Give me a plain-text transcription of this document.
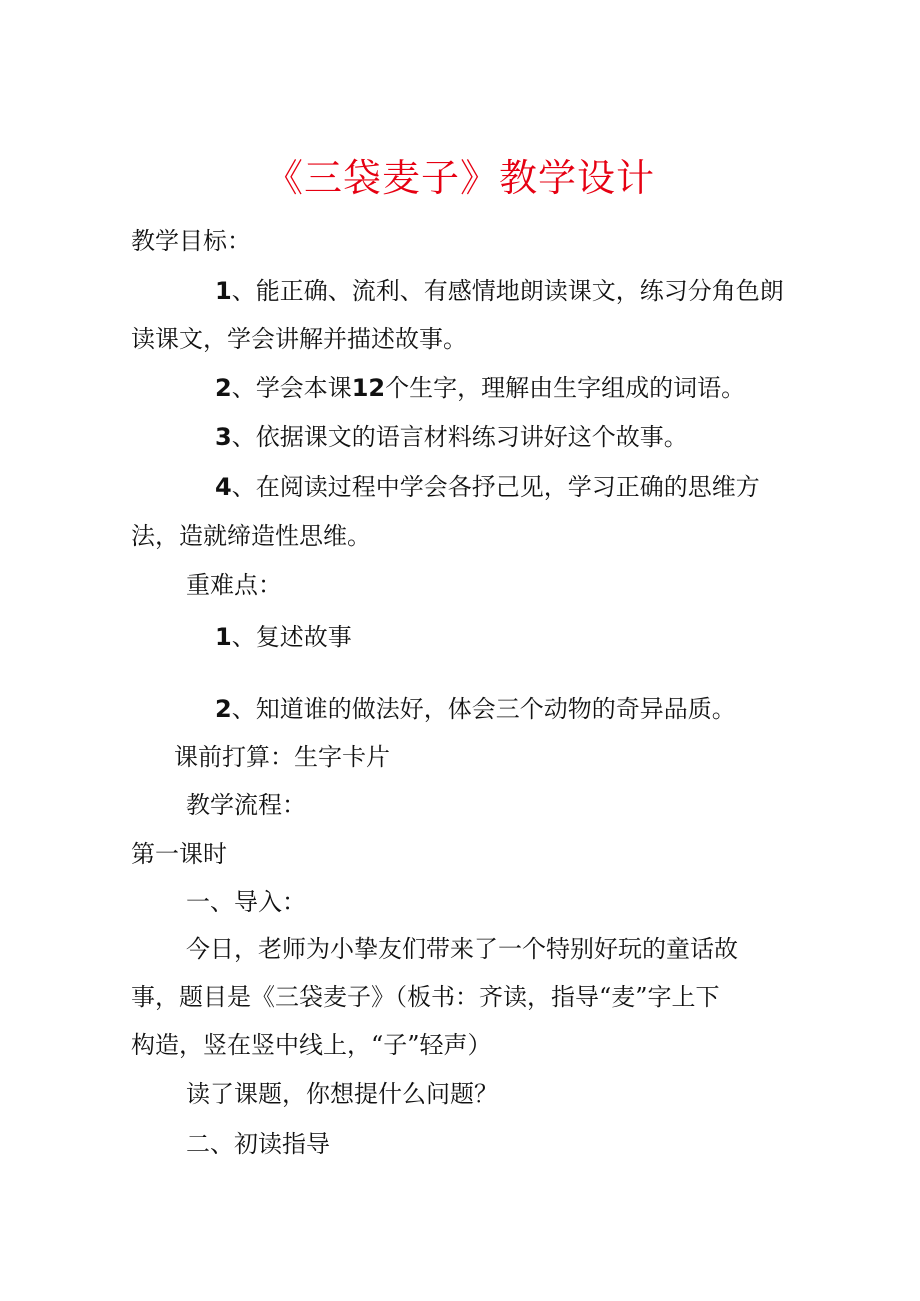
《三袋麦子》教学设计
教学目标：
1、能正确、流利、有感情地朗读课文，练习分角色朗
读课文，学会讲解并描述故事。
2、学会本课12个生字，理解由生字组成的词语。
3、依据课文的语言材料练习讲好这个故事。
4、在阅读过程中学会各抒己见，学习正确的思维方
法，造就缔造性思维。
重难点：
1、复述故事
2、知道谁的做法好，体会三个动物的奇异品质。
课前打算：生字卡片
教学流程：
第一课时
一、导入：
今日，老师为小挚友们带来了一个特别好玩的童话故
事，题目是《三袋麦子》（板书：齐读，指导“麦”字上下
构造，竖在竖中线上，“子”轻声）
读了课题，你想提什么问题？
二、初读指导
